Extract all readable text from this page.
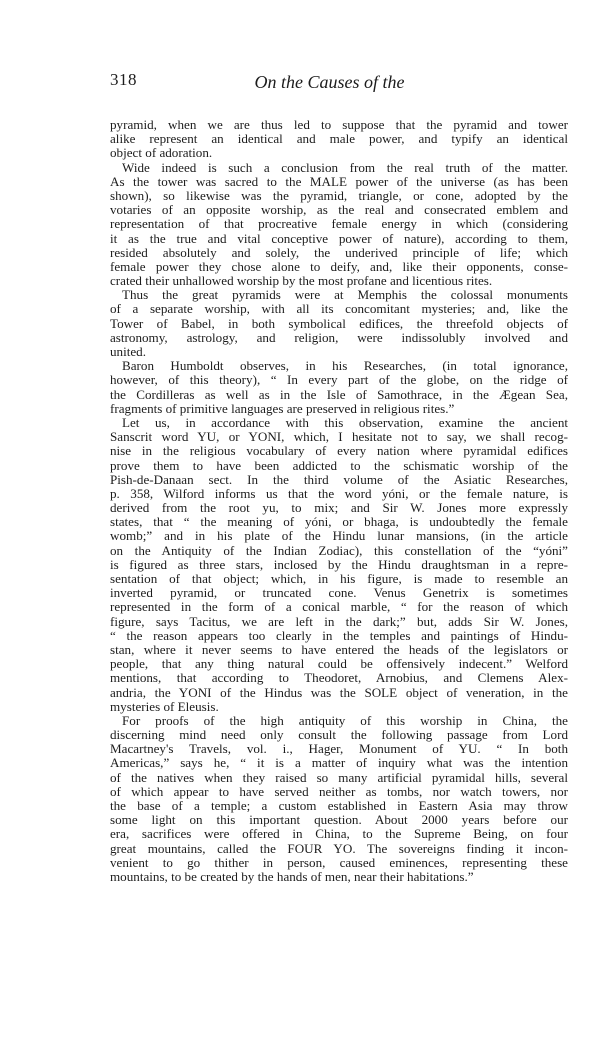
318	On the Causes of the
pyramid, when we are thus led to suppose that the pyramid and tower
alike represent an identical and male power, and typify an identical
object of adoration.
Wide indeed is such a conclusion from the real truth of the matter.
As the tower was sacred to the MALE power of the universe (as has been
shown), so likewise was the pyramid, triangle, or cone, adopted by the
votaries of an opposite worship, as the real and consecrated emblem and
representation of that procreative female energy in which (considering
it as the true and vital conceptive power of nature), according to them,
resided absolutely and solely, the underived principle of life; which
female power they chose alone to deify, and, like their opponents, conse-
crated their unhallowed worship by the most profane and licentious rites.
Thus the great pyramids were at Memphis the colossal monuments
of a separate worship, with all its concomitant mysteries; and, like the
Tower of Babel, in both symbolical edifices, the threefold objects of
astronomy, astrology, and religion, were indissolubly involved and
united.
Baron Humboldt observes, in his Researches, (in total ignorance,
however, of this theory), “ In every part of the globe, on the ridge of
the Cordilleras as well as in the Isle of Samothrace, in the Ægean Sea,
fragments of primitive languages are preserved in religious rites.”
Let us, in accordance with this observation, examine the ancient
Sanscrit word YU, or YONI, which, I hesitate not to say, we shall recog-
nise in the religious vocabulary of every nation where pyramidal edifices
prove them to have been addicted to the schismatic worship of the
Pish-de-Danaan sect. In the third volume of the Asiatic Researches,
p. 358, Wilford informs us that the word yóni, or the female nature, is
derived from the root yu, to mix; and Sir W. Jones more expressly
states, that “ the meaning of yóni, or bhaga, is undoubtedly the female
womb;” and in his plate of the Hindu lunar mansions, (in the article
on the Antiquity of the Indian Zodiac), this constellation of the “yóni”
is figured as three stars, inclosed by the Hindu draughtsman in a repre-
sentation of that object; which, in his figure, is made to resemble an
inverted pyramid, or truncated cone. Venus Genetrix is sometimes
represented in the form of a conical marble, “ for the reason of which
figure, says Tacitus, we are left in the dark;” but, adds Sir W. Jones,
“ the reason appears too clearly in the temples and paintings of Hindu-
stan, where it never seems to have entered the heads of the legislators or
people, that any thing natural could be offensively indecent.” Welford
mentions, that according to Theodoret, Arnobius, and Clemens Alex-
andria, the YONI of the Hindus was the SOLE object of veneration, in the
mysteries of Eleusis.
For proofs of the high antiquity of this worship in China, the
discerning mind need only consult the following passage from Lord
Macartney's Travels, vol. i., Hager, Monument of YU. “ In both
Americas,” says he, “ it is a matter of inquiry what was the intention
of the natives when they raised so many artificial pyramidal hills, several
of which appear to have served neither as tombs, nor watch towers, nor
the base of a temple; a custom established in Eastern Asia may throw
some light on this important question. About 2000 years before our
era, sacrifices were offered in China, to the Supreme Being, on four
great mountains, called the FOUR YO. The sovereigns finding it incon-
venient to go thither in person, caused eminences, representing these
mountains, to be created by the hands of men, near their habitations.”
